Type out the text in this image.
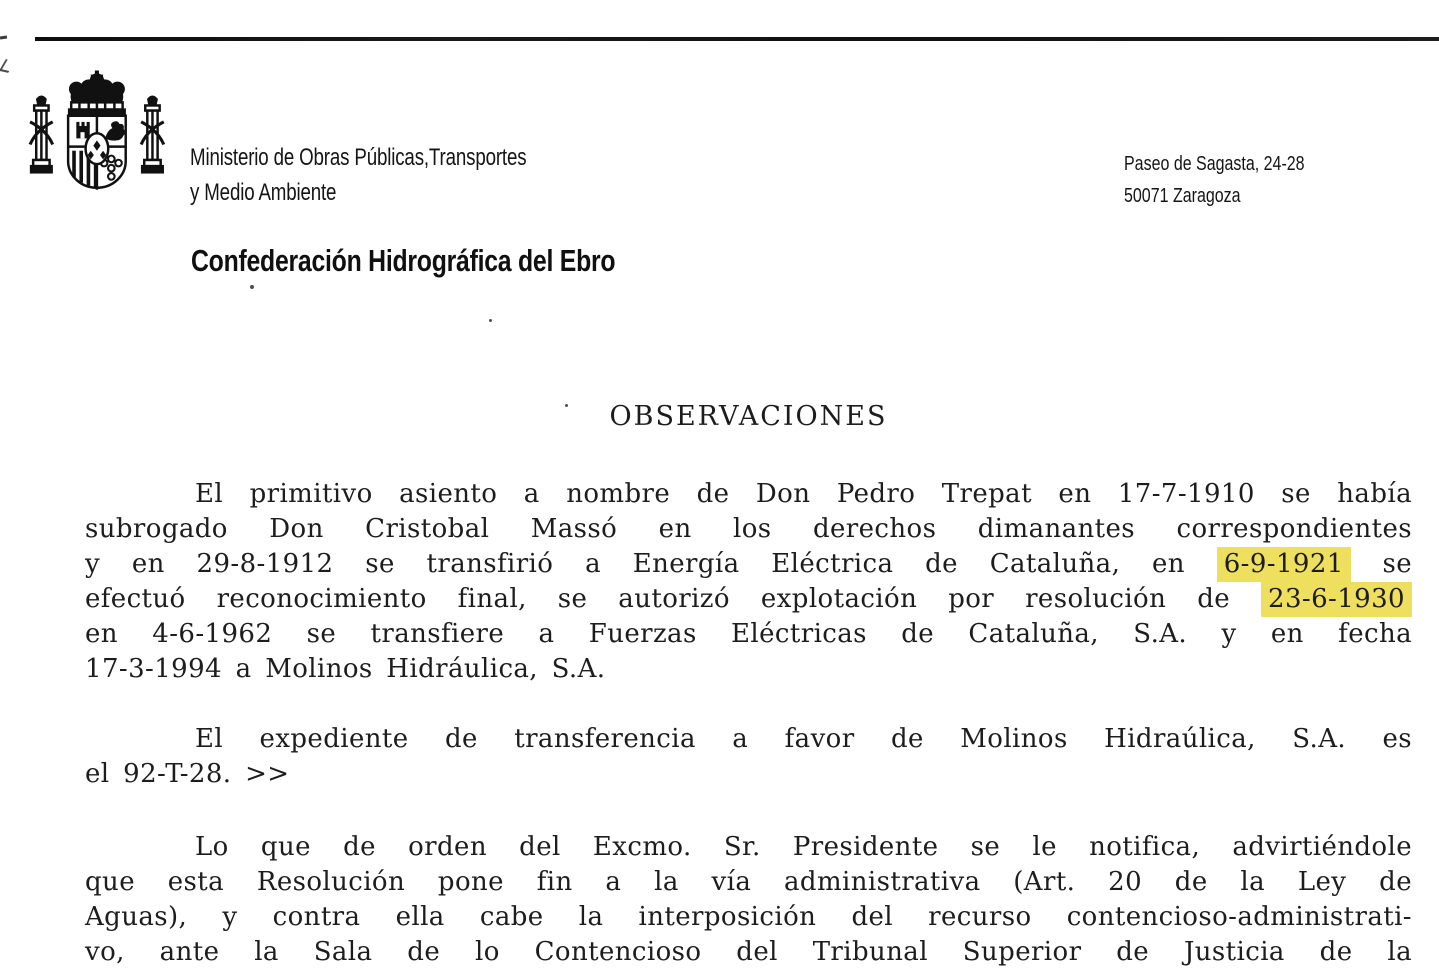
Ministerio de Obras Públicas,Transportes
y Medio Ambiente
Paseo de Sagasta, 24-28
50071 Zaragoza
Confederación Hidrográfica del Ebro
OBSERVACIONES
El primitivo asiento a nombre de Don Pedro Trepat en 17-7-1910 se había
subrogado Don Cristobal Massó en los derechos dimanantes correspondientes
y en 29-8-1912 se transfirió a Energía Eléctrica de Cataluña, en 6-9-1921 se
efectuó reconocimiento final, se autorizó explotación por resolución de 23-6-1930
en 4-6-1962 se transfiere a Fuerzas Eléctricas de Cataluña, S.A. y en fecha
17-3-1994 a Molinos Hidráulica, S.A.
El expediente de transferencia a favor de Molinos Hidraúlica, S.A. es
el 92-T-28. >>
Lo que de orden del Excmo. Sr. Presidente se le notifica, advirtiéndole
que esta Resolución pone fin a la vía administrativa (Art. 20 de la Ley de
Aguas), y contra ella cabe la interposición del recurso contencioso-administrati-
vo, ante la Sala de lo Contencioso del Tribunal Superior de Justicia de la
